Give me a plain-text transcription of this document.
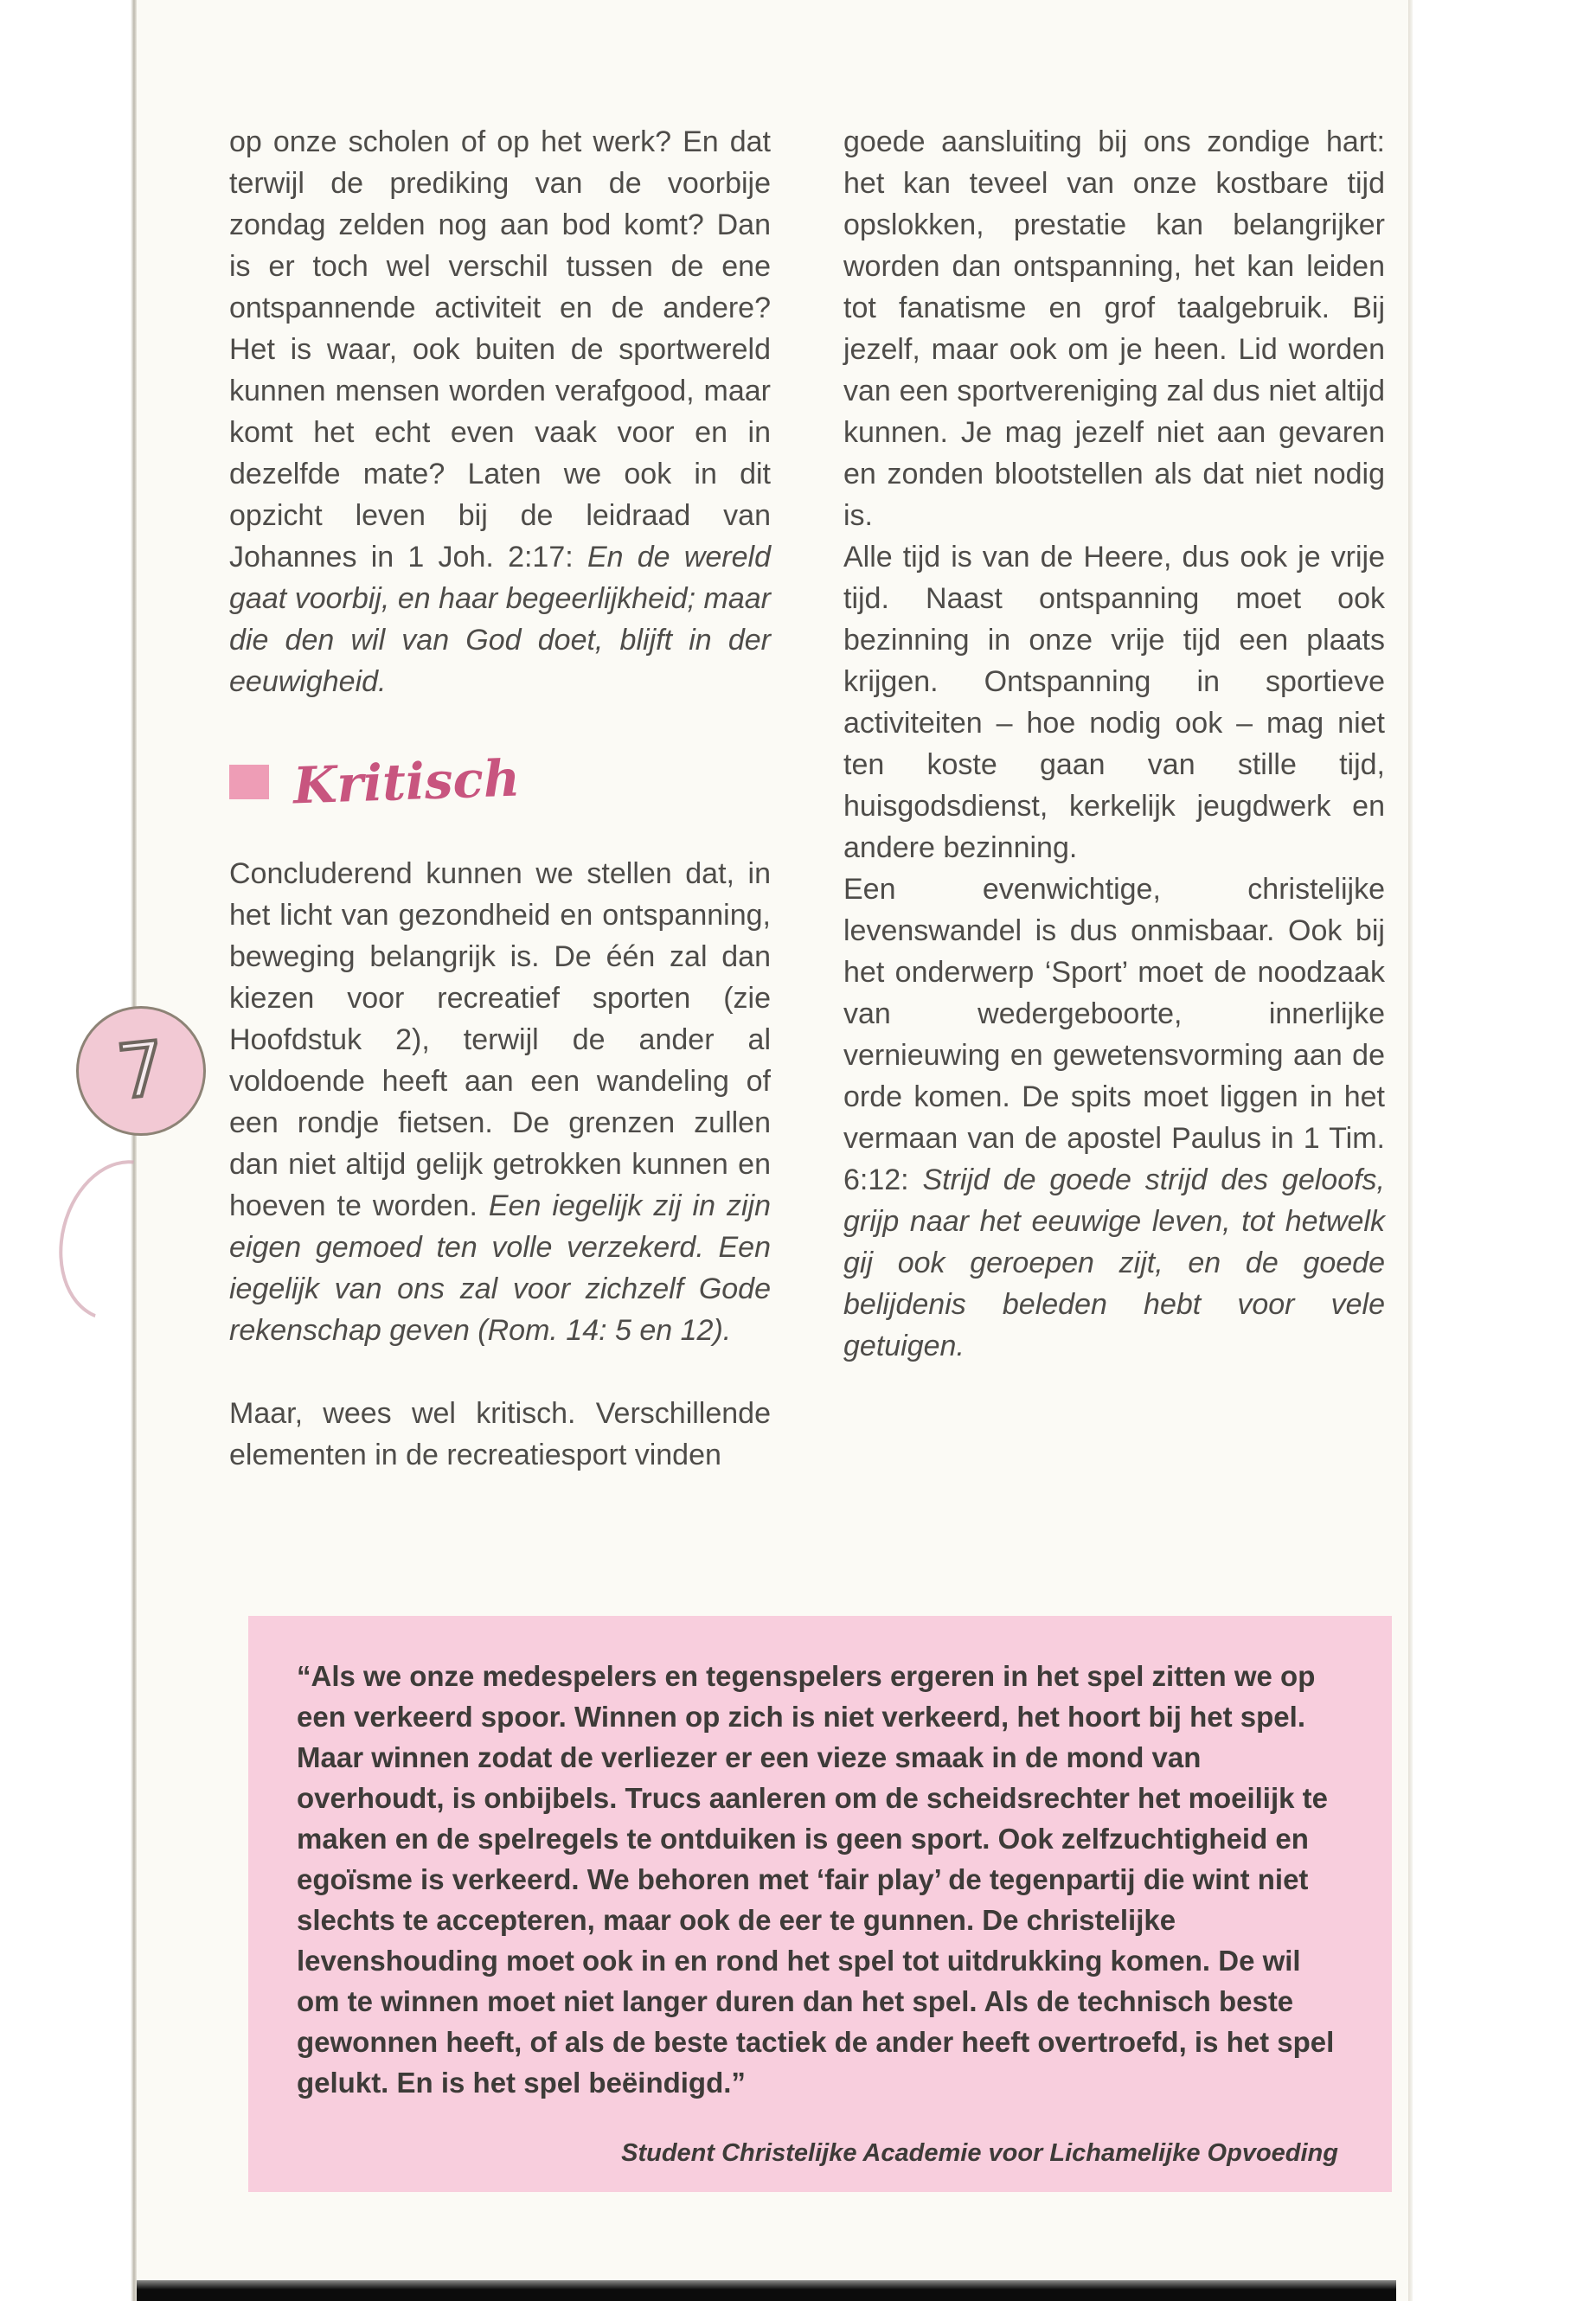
7

op onze scholen of op het werk? En dat terwijl de prediking van de voorbije zondag zelden nog aan bod komt? Dan is er toch wel verschil tussen de ene ontspannende activiteit en de andere? Het is waar, ook buiten de sportwereld kunnen mensen worden verafgood, maar komt het echt even vaak voor en in dezelfde mate? Laten we ook in dit opzicht leven bij de leidraad van Johannes in 1 Joh. 2:17: En de wereld gaat voorbij, en haar begeerlijkheid; maar die den wil van God doet, blijft in der eeuwigheid.

Kritisch

Concluderend kunnen we stellen dat, in het licht van gezondheid en ontspanning, beweging belangrijk is. De één zal dan kiezen voor recreatief sporten (zie Hoofdstuk 2), terwijl de ander al voldoende heeft aan een wandeling of een rondje fietsen. De grenzen zullen dan niet altijd gelijk getrokken kunnen en hoeven te worden. Een iegelijk zij in zijn eigen gemoed ten volle verzekerd. Een iegelijk van ons zal voor zichzelf Gode rekenschap geven (Rom. 14: 5 en 12).

Maar, wees wel kritisch. Verschillende elementen in de recreatiesport vinden

goede aansluiting bij ons zondige hart: het kan teveel van onze kostbare tijd opslokken, prestatie kan belangrijker worden dan ontspanning, het kan leiden tot fanatisme en grof taalgebruik. Bij jezelf, maar ook om je heen. Lid worden van een sportvereniging zal dus niet altijd kunnen. Je mag jezelf niet aan gevaren en zonden blootstellen als dat niet nodig is.

Alle tijd is van de Heere, dus ook je vrije tijd. Naast ontspanning moet ook bezinning in onze vrije tijd een plaats krijgen. Ontspanning in sportieve activiteiten – hoe nodig ook – mag niet ten koste gaan van stille tijd, huisgodsdienst, kerkelijk jeugdwerk en andere bezinning.

Een evenwichtige, christelijke levenswandel is dus onmisbaar. Ook bij het onderwerp ‘Sport’ moet de noodzaak van wedergeboorte, innerlijke vernieuwing en gewetensvorming aan de orde komen. De spits moet liggen in het vermaan van de apostel Paulus in 1 Tim. 6:12: Strijd de goede strijd des geloofs, grijp naar het eeuwige leven, tot hetwelk gij ook geroepen zijt, en de goede belijdenis beleden hebt voor vele getuigen.

“Als we onze medespelers en tegenspelers ergeren in het spel zitten we op een verkeerd spoor. Winnen op zich is niet verkeerd, het hoort bij het spel. Maar winnen zodat de verliezer er een vieze smaak in de mond van overhoudt, is onbijbels. Trucs aanleren om de scheidsrechter het moeilijk te maken en de spelregels te ontduiken is geen sport. Ook zelfzuchtigheid en egoïsme is verkeerd. We behoren met ‘fair play’ de tegenpartij die wint niet slechts te accepteren, maar ook de eer te gunnen. De christelijke levenshouding moet ook in en rond het spel tot uitdrukking komen. De wil om te winnen moet niet langer duren dan het spel. Als de technisch beste gewonnen heeft, of als de beste tactiek de ander heeft overtroefd, is het spel gelukt. En is het spel beëindigd.”

Student Christelijke Academie voor Lichamelijke Opvoeding
